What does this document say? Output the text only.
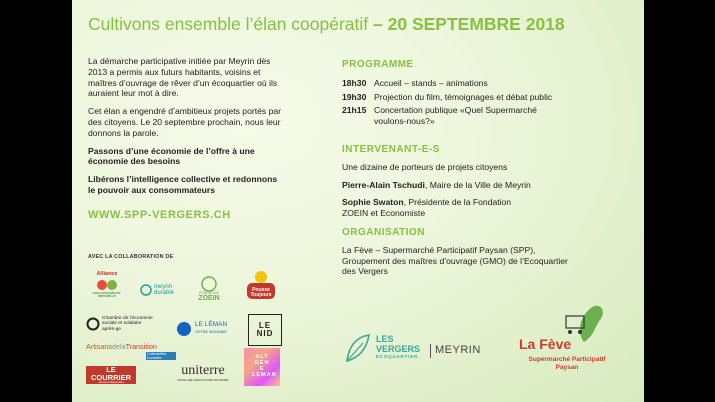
Cultivons ensemble l’élan coopératif – 20 SEPTEMBRE 2018

La démarche participative initiée par Meyrin dès 2013 a permis aux futurs habitants, voisins et maîtres d’ouvrage de rêver d’un écoquartier où ils auraient leur mot à dire.

Cet élan a engendré d’ambitieux projets portés par des citoyens. Le 20 septembre prochain, nous leur donnons la parole.

Passons d’une économie de l’offre à une économie des besoins

Libérons l’intelligence collective et redonnons le pouvoir aux consommateurs

WWW.SPP-VERGERS.CH
AVEC LA COLLABORATION DE
PROGRAMME
18h30 Accueil – stands – animations
19h30 Projection du film, témoignages et débat public
21h15 Concertation publique «Quel Supermarché voulons-nous?»
INTERVENANT-E-S
Une dizaine de porteurs de projets citoyens
Pierre-Alain Tschudi, Maire de la Ville de Meyrin
Sophie Swaton, Présidente de la Fondation ZOEIN et Economiste
ORGANISATION
La Fève – Supermarché Participatif Paysan (SPP), Groupement des maîtres d’ouvrage (GMO) de l’Ecoquartier des Vergers
Alliance
www.consomateurs-alternatifs.ch
meyrin
durable	FONDATION
ZOEIN
Pousse Toujours
Chambre de l’économie sociale et solidaire
après-ge
LE LÉMAN
VOTRE MONNAIE
LE NID
ArtisansdelaTransition
Collectivités Durables
LE COURRIER
Journal indépendant
uniterre
POUR UNE AGRICULTURE PAYSANNE
ALT GEN E LEMAN
LES
VERGERS
ÉCOQUARTIER
MEYRIN	La Fève
Supermarché Participatif
Paysan
